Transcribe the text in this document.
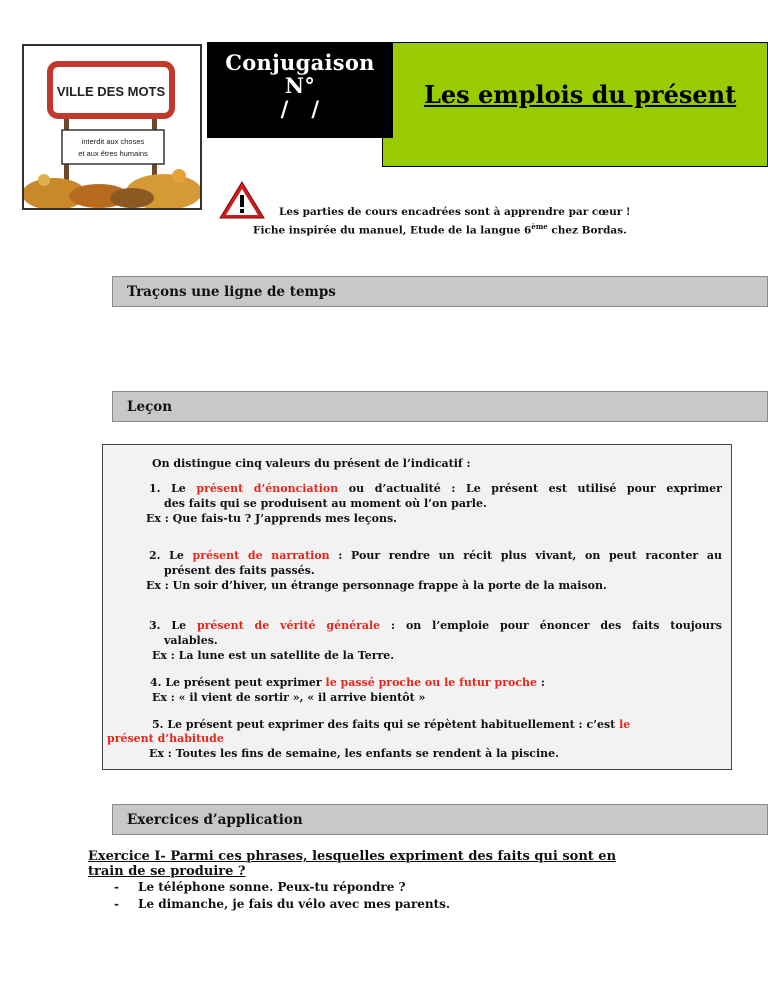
VILLE DES MOTS
interdit aux choses
et aux êtres humains
Conjugaison
N°
/   /	Les emplois du présent
Les parties de cours encadrées sont à apprendre par cœur !
Fiche inspirée du manuel, Etude de la langue 6ème chez Bordas.
Traçons une ligne de temps
Leçon
Exercices d’application
On distingue cinq valeurs du présent de l’indicatif :
1. Le présent d’énonciation ou d’actualité : Le présent est utilisé pour exprimer
des faits qui se produisent au moment où l’on parle.
Ex : Que fais-tu ? J’apprends mes leçons.
2. Le présent de narration : Pour rendre un récit plus vivant, on peut raconter au
présent des faits passés.
Ex : Un soir d’hiver, un étrange personnage frappe à la porte de la maison.
3. Le présent de vérité générale : on l’emploie pour énoncer des faits toujours
valables.
Ex : La lune est un satellite de la Terre.
4. Le présent peut exprimer le passé proche ou le futur proche :
Ex : « il vient de sortir », « il arrive bientôt »
5. Le présent peut exprimer des faits qui se répètent habituellement : c’est le
présent d’habitude
Ex : Toutes les fins de semaine, les enfants se rendent à la piscine.
Exercice I- Parmi ces phrases, lesquelles expriment des faits qui sont en train de se produire ?
- Le téléphone sonne. Peux-tu répondre ?
- Le dimanche, je fais du vélo avec mes parents.
